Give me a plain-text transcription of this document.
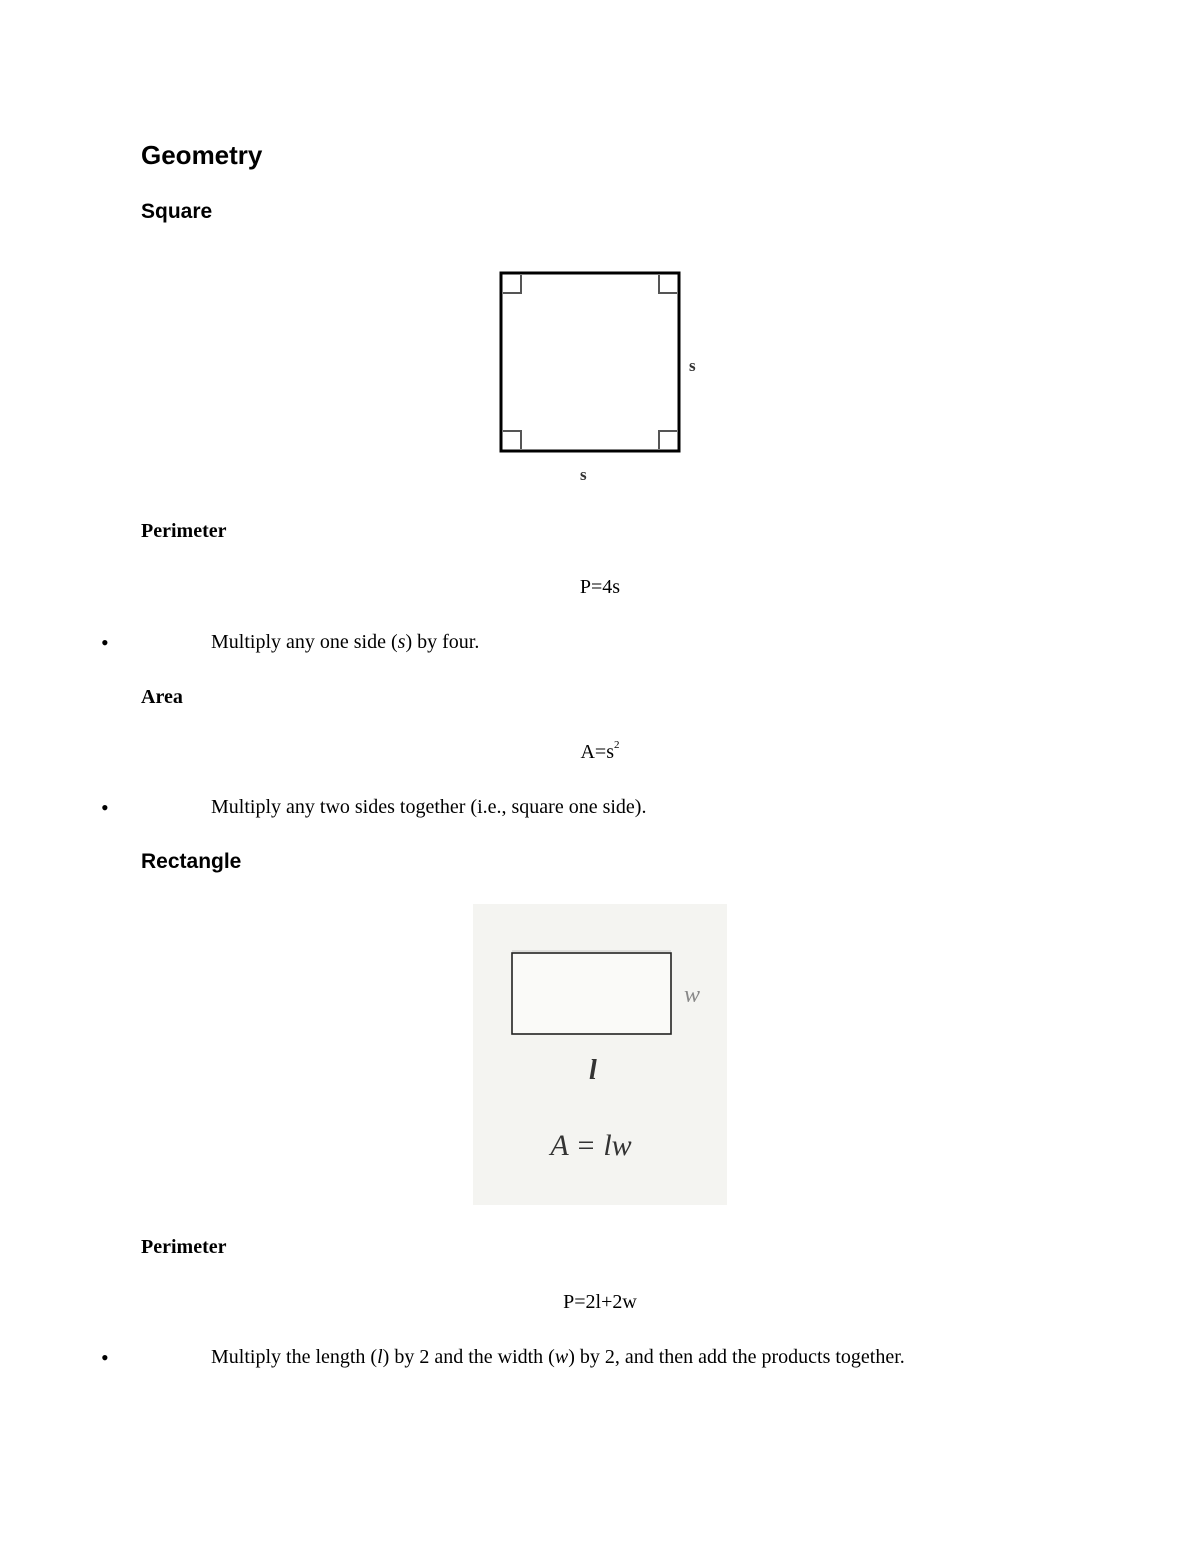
Geometry
Square
s
s
Perimeter
P=4s
•	Multiply any one side (s) by four.
Area
$A=s^2$
•	Multiply any two sides together (i.e., square one side).
Rectangle
w
l
A = lw
Perimeter
P=2l+2w
•	Multiply the length (l) by 2 and the width (w) by 2, and then add the products together.
